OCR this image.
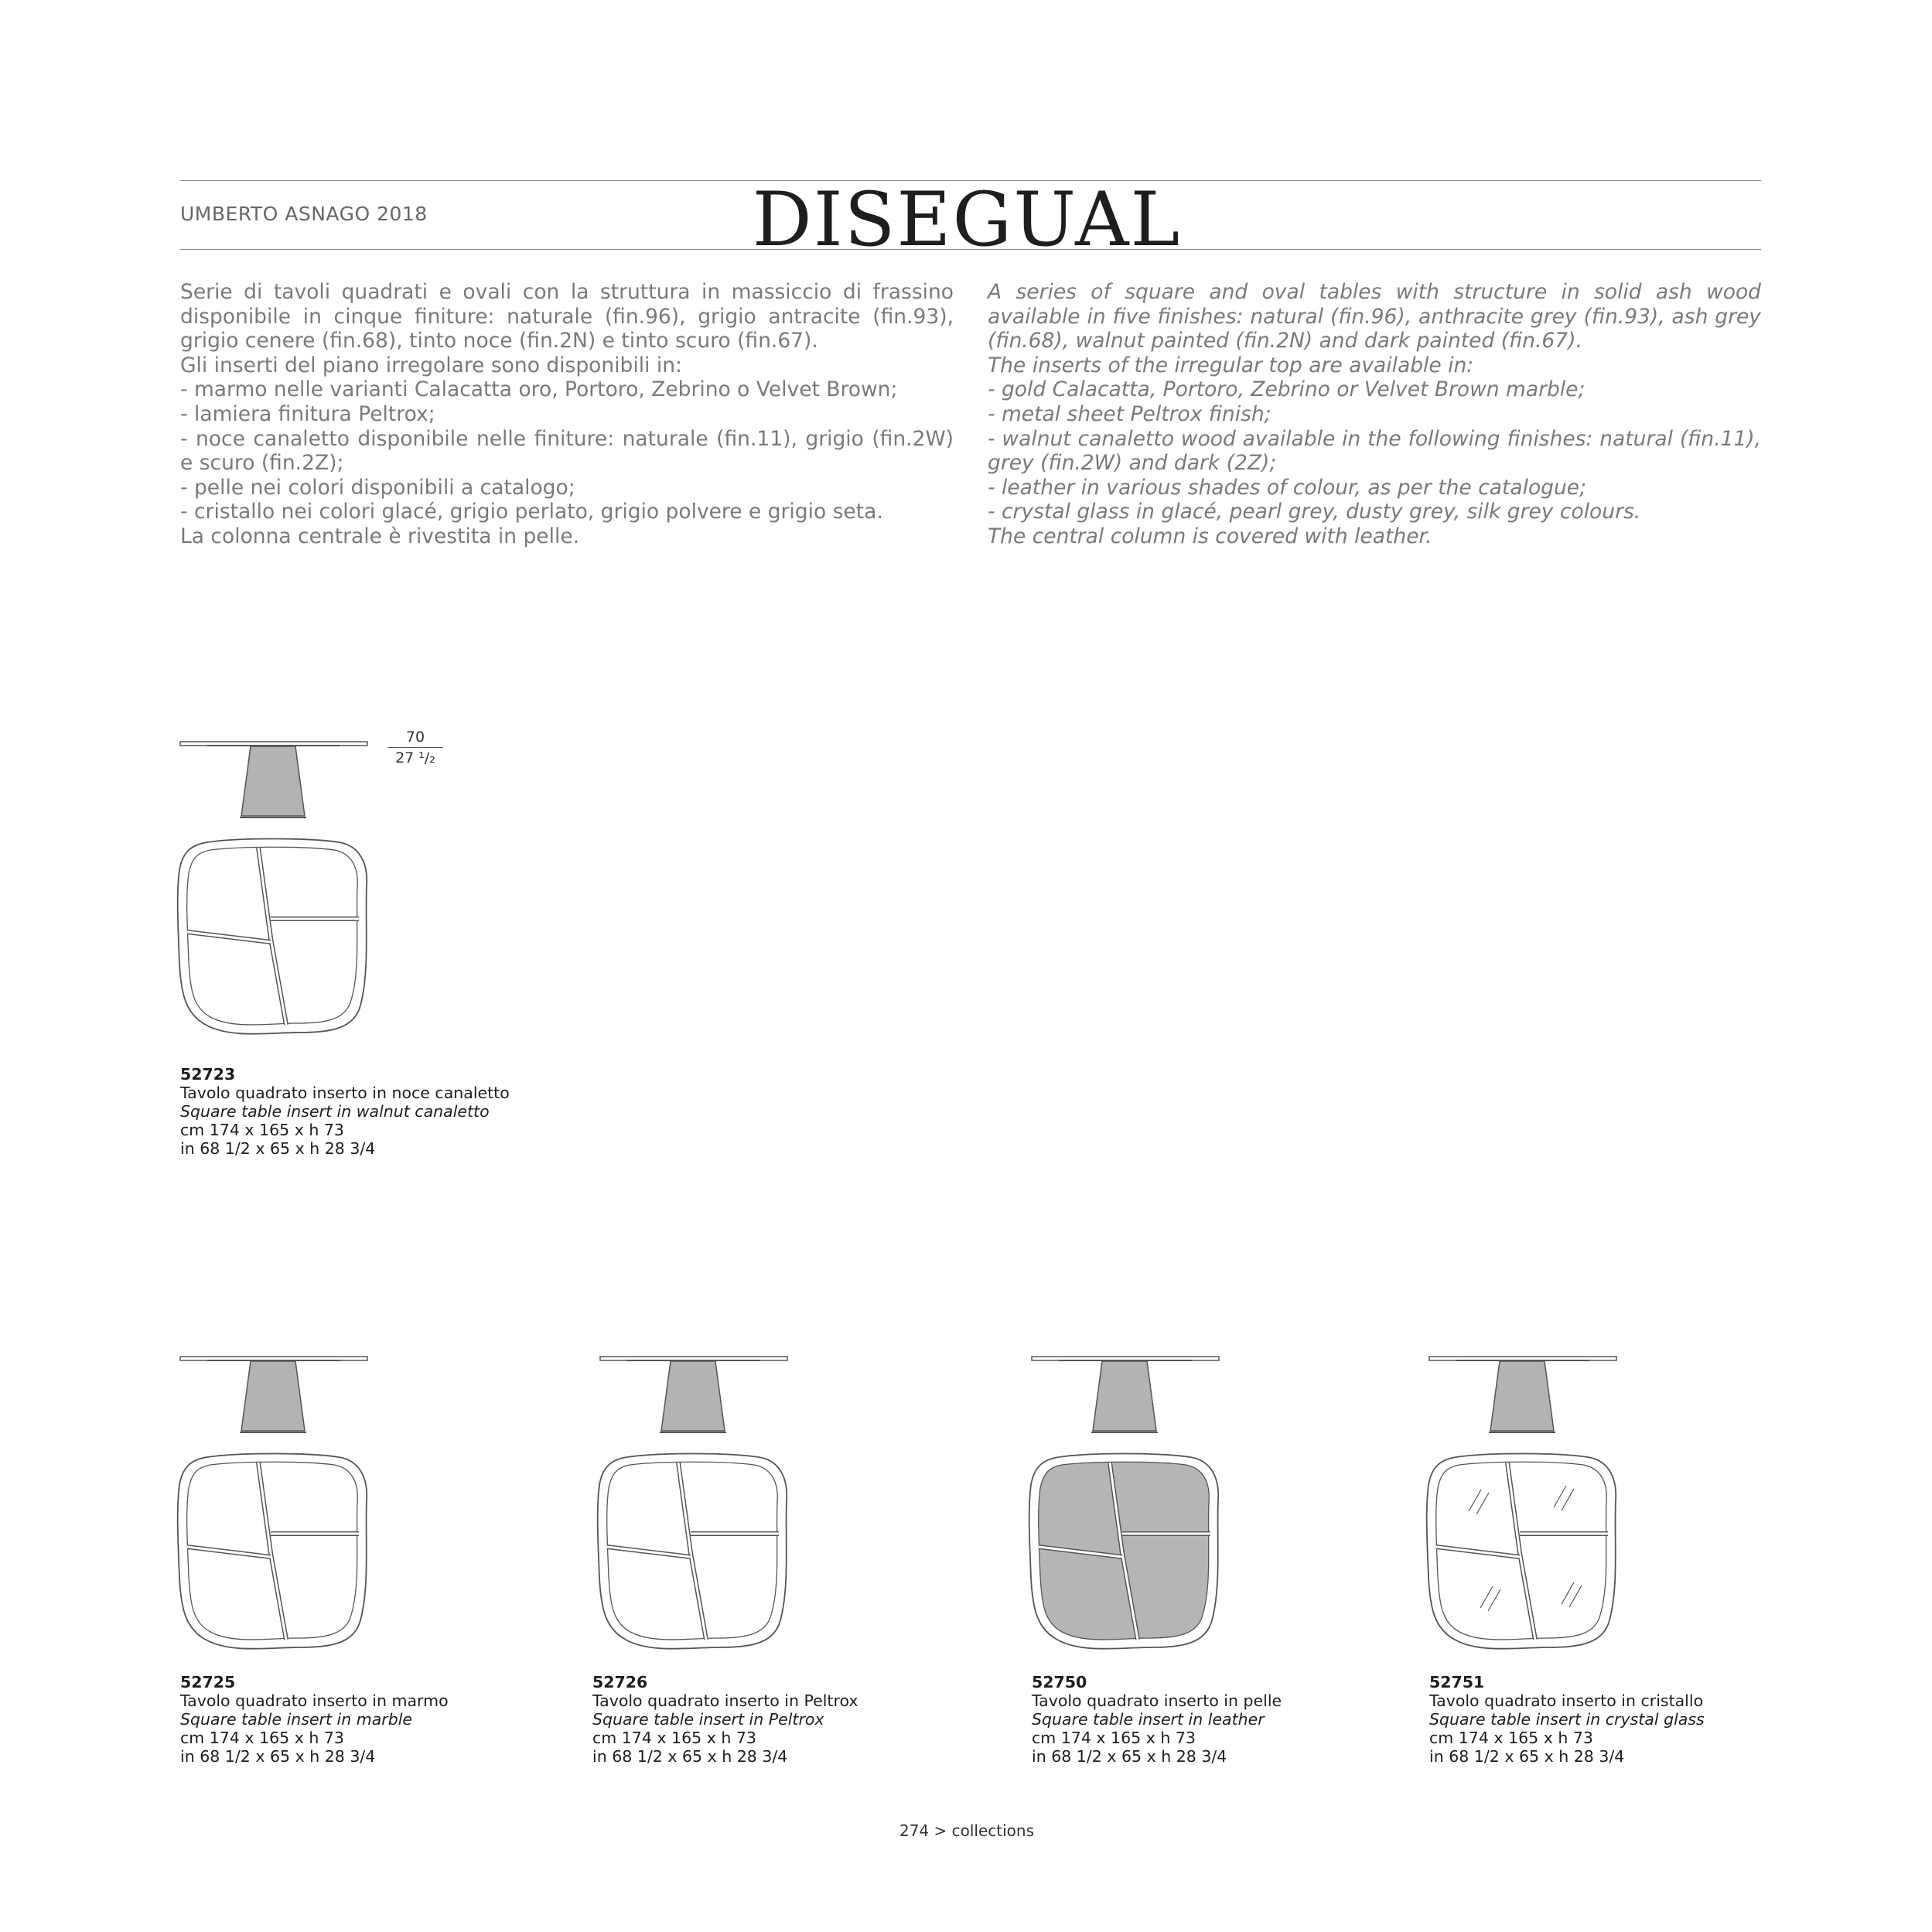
UMBERTO ASNAGO 2018	DISEGUAL
Serie di tavoli quadrati e ovali con la struttura in massiccio di frassino disponibile in cinque finiture: naturale (fin.96), grigio antracite (fin.93), grigio cenere (fin.68), tinto noce (fin.2N) e tinto scuro (fin.67).
Gli inserti del piano irregolare sono disponibili in:
- marmo nelle varianti Calacatta oro, Portoro, Zebrino o Velvet Brown;
- lamiera finitura Peltrox;
- noce canaletto disponibile nelle finiture: naturale (fin.11), grigio (fin.2W) e scuro (fin.2Z);
- pelle nei colori disponibili a catalogo;
- cristallo nei colori glacé, grigio perlato, grigio polvere e grigio seta.
La colonna centrale è rivestita in pelle.
A series of square and oval tables with structure in solid ash wood available in five finishes: natural (fin.96), anthracite grey (fin.93), ash grey (fin.68), walnut painted (fin.2N) and dark painted (fin.67).
The inserts of the irregular top are available in:
- gold Calacatta, Portoro, Zebrino or Velvet Brown marble;
- metal sheet Peltrox finish;
- walnut canaletto wood available in the following finishes: natural (fin.11), grey (fin.2W) and dark (2Z);
- leather in various shades of colour, as per the catalogue;
- crystal glass in glacé, pearl grey, dusty grey, silk grey colours.
The central column is covered with leather.
70
27 ¹/₂
52723
Tavolo quadrato inserto in noce canaletto
Square table insert in walnut canaletto
cm 174 x 165 x h 73
in 68 1/2 x 65 x h 28 3/4
52725
Tavolo quadrato inserto in marmo
Square table insert in marble
cm 174 x 165 x h 73
in 68 1/2 x 65 x h 28 3/4
52726
Tavolo quadrato inserto in Peltrox
Square table insert in Peltrox
cm 174 x 165 x h 73
in 68 1/2 x 65 x h 28 3/4
52750
Tavolo quadrato inserto in pelle
Square table insert in leather
cm 174 x 165 x h 73
in 68 1/2 x 65 x h 28 3/4
52751
Tavolo quadrato inserto in cristallo
Square table insert in crystal glass
cm 174 x 165 x h 73
in 68 1/2 x 65 x h 28 3/4
274 > collections
